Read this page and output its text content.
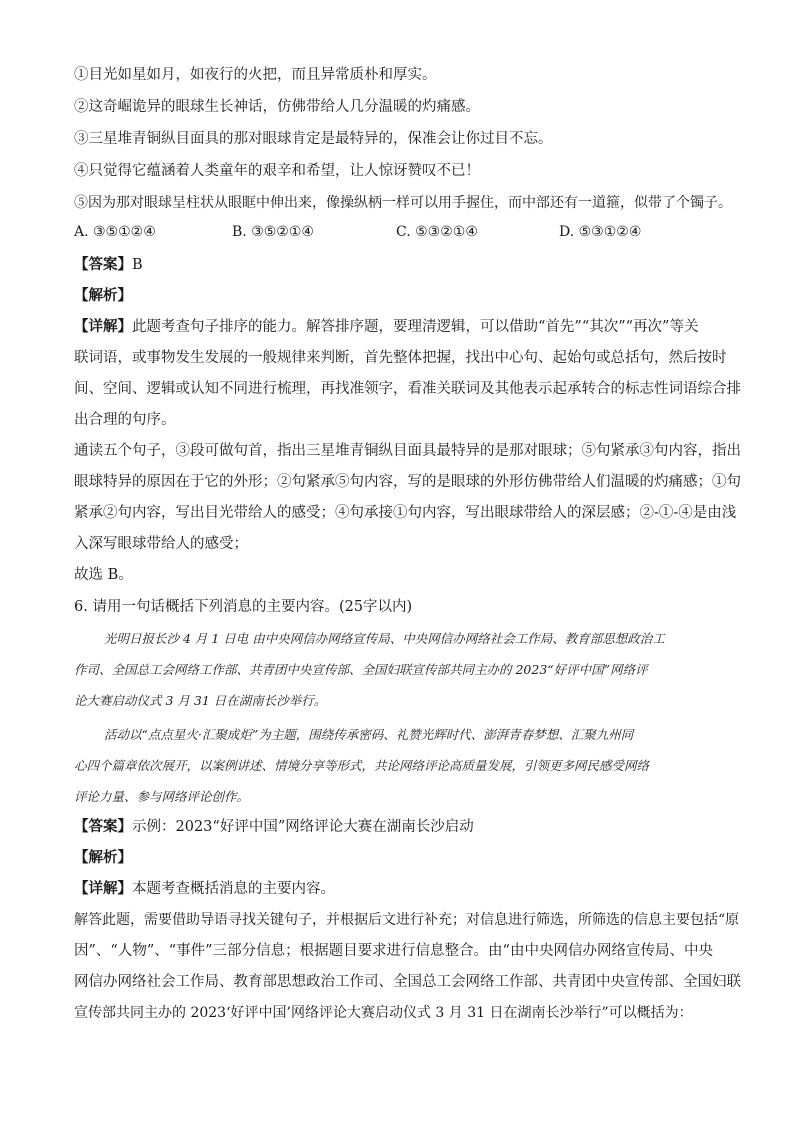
①目光如星如月，如夜行的火把，而且异常质朴和厚实。
②这奇崛诡异的眼球生长神话，仿佛带给人几分温暖的灼痛感。
③三星堆青铜纵目面具的那对眼球肯定是最特异的，保准会让你过目不忘。
④只觉得它蕴涵着人类童年的艰辛和希望，让人惊讶赞叹不已！
⑤因为那对眼球呈柱状从眼眶中伸出来，像操纵柄一样可以用手握住，而中部还有一道箍，似带了个镯子。
A. ③⑤①②④	B. ③⑤②①④	C. ⑤③②①④	D. ⑤③①②④
【答案】B
【解析】
【详解】此题考查句子排序的能力。解答排序题，要理清逻辑，可以借助“首先”“其次”“再次”等关
联词语，或事物发生发展的一般规律来判断，首先整体把握，找出中心句、起始句或总括句，然后按时
间、空间、逻辑或认知不同进行梳理，再找准领字，看准关联词及其他表示起承转合的标志性词语综合排
出合理的句序。
通读五个句子，③段可做句首，指出三星堆青铜纵目面具最特异的是那对眼球；⑤句紧承③句内容，指出
眼球特异的原因在于它的外形；②句紧承⑤句内容，写的是眼球的外形仿佛带给人们温暖的灼痛感；①句
紧承②句内容，写出目光带给人的感受；④句承接①句内容，写出眼球带给人的深层感；②-①-④是由浅
入深写眼球带给人的感受；
故选 B。
6. 请用一句话概括下列消息的主要内容。(25字以内)
光明日报长沙 4 月 1 日电 由中央网信办网络宣传局、中央网信办网络社会工作局、教育部思想政治工
作司、全国总工会网络工作部、共青团中央宣传部、全国妇联宣传部共同主办的 2023“好评中国”网络评
论大赛启动仪式 3 月 31 日在湖南长沙举行。
活动以“点点星火·汇聚成炬”为主题，围绕传承密码、礼赞光辉时代、澎湃青春梦想、汇聚九州同
心四个篇章依次展开，以案例讲述、情境分享等形式，共论网络评论高质量发展，引领更多网民感受网络
评论力量、参与网络评论创作。
【答案】示例：2023“好评中国”网络评论大赛在湖南长沙启动
【解析】
【详解】本题考查概括消息的主要内容。
解答此题，需要借助导语寻找关键句子，并根据后文进行补充；对信息进行筛选，所筛选的信息主要包括“原
因”、“人物”、“事件”三部分信息；根据题目要求进行信息整合。由“由中央网信办网络宣传局、中央
网信办网络社会工作局、教育部思想政治工作司、全国总工会网络工作部、共青团中央宣传部、全国妇联
宣传部共同主办的 2023‘好评中国’网络评论大赛启动仪式 3 月 31 日在湖南长沙举行”可以概括为：
